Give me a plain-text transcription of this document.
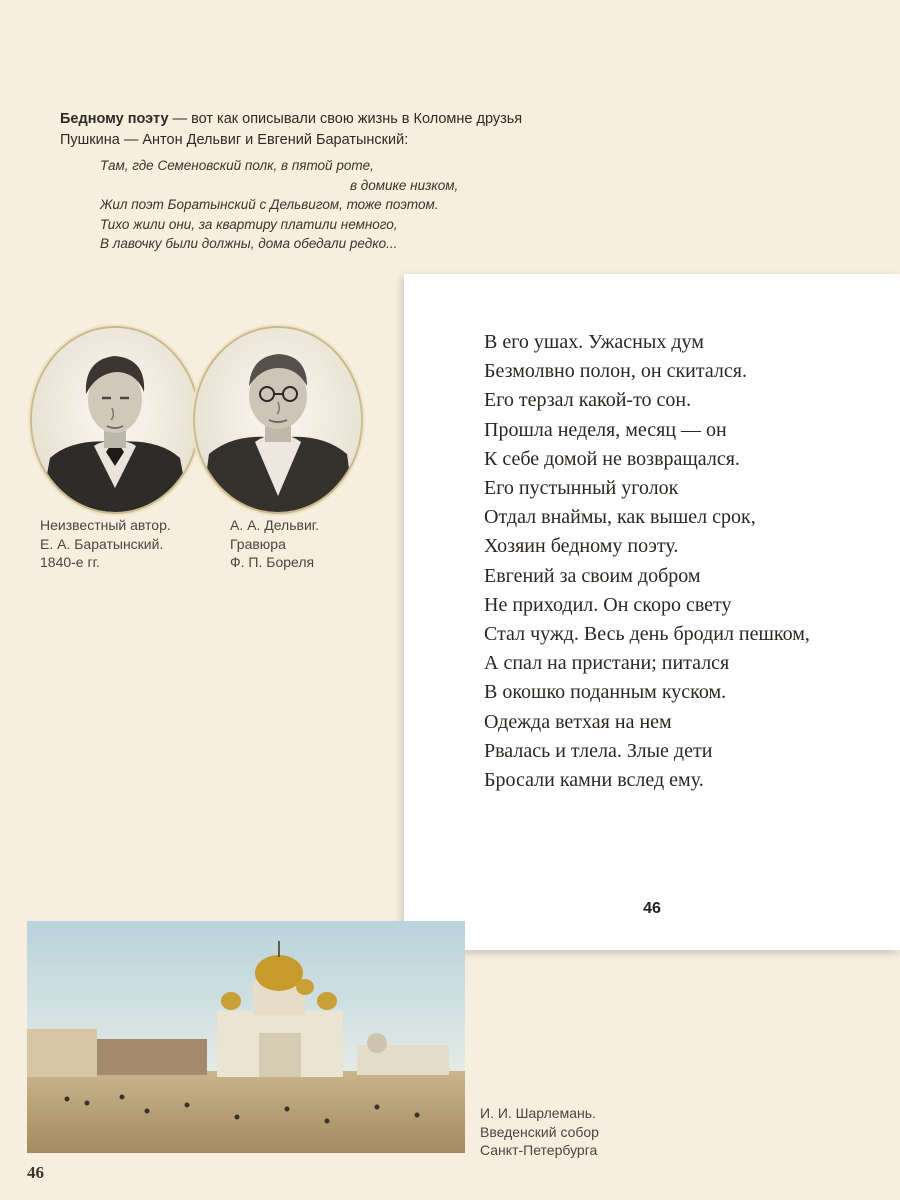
Бедному поэту — вот как описывали свою жизнь в Коломне друзья Пушкина — Антон Дельвиг и Евгений Баратынский:
Там, где Семеновский полк, в пятой роте,
в домике низком,
Жил поэт Боратынский с Дельвигом, тоже поэтом.
Тихо жили они, за квартиру платили немного,
В лавочку были должны, дома обедали редко...
Неизвестный автор.
Е. А. Баратынский.
1840-е гг.
А. А. Дельвиг.
Гравюра
Ф. П. Бореля
В его ушах. Ужасных дум
Безмолвно полон, он скитался.
Его терзал какой-то сон.
Прошла неделя, месяц — он
К себе домой не возвращался.
Его пустынный уголок
Отдал внаймы, как вышел срок,
Хозяин бедному поэту.
Евгений за своим добром
Не приходил. Он скоро свету
Стал чужд. Весь день бродил пешком,
А спал на пристани; питался
В окошко поданным куском.
Одежда ветхая на нем
Рвалась и тлела. Злые дети
Бросали камни вслед ему.
46
И. И. Шарлемань.
Введенский собор
Санкт-Петербурга
46
